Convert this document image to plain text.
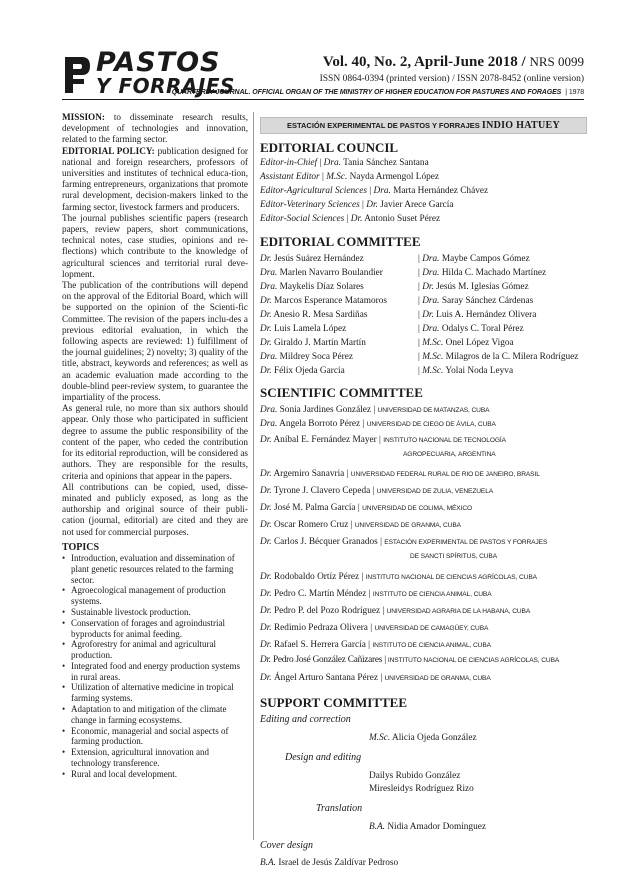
PASTOS
Y FORRAJES
Vol. 40, No. 2, April-June 2018 / NRS 0099
ISSN 0864-0394 (printed version) / ISSN 2078-8452 (online version)
QUARTERLY JOURNAL. OFFICIAL ORGAN OF THE MINISTRY OF HIGHER EDUCATION FOR PASTURES AND FORAGES | 1978

MISSION: to disseminate research results, development of technologies and innovation, related to the farming sector.

EDITORIAL POLICY: publication designed for national and foreign researchers, professors of universities and institutes of technical educa-tion, farming entrepreneurs, organizations that promote rural development, decision-makers linked to the farming sector, livestock farmers and producers.

The journal publishes scientific papers (research papers, review papers, short communications, technical notes, case studies, opinions and re-flections) which contribute to the knowledge of agricultural sciences and territorial rural deve-lopment.

The publication of the contributions will depend on the approval of the Editorial Board, which will be supported on the opinion of the Scienti-fic Committee. The revision of the papers inclu-des a previous editorial evaluation, in which the following aspects are reviewed: 1) fulfillment of the journal guidelines; 2) novelty; 3) quality of the title, abstract, keywords and references; as well as an academic evaluation made according to the double-blind peer-review system, to guarantee the impartiality of the process.

As general rule, no more than six authors should appear. Only those who participated in sufficient degree to assume the public responsibility of the content of the paper, who ceded the contribution for its editorial reproduction, will be considered as authors. They are responsible for the results, criteria and opinions that appear in the papers.

All contributions can be copied, used, disse-minated and publicly exposed, as long as the authorship and original source of their publi-cation (journal, editorial) are cited and they are not used for commercial purposes.

TOPICS
• Introduction, evaluation and dissemination of plant genetic resources related to the farming sector.
• Agroecological management of production systems.
• Sustainable livestock production.
• Conservation of forages and agroindustrial byproducts for animal feeding.
• Agroforestry for animal and agricultural production.
• Integrated food and energy production systems in rural areas.
• Utilization of alternative medicine in tropical farming systems.
• Adaptation to and mitigation of the climate change in farming ecosystems.
• Economic, managerial and social aspects of farming production.
• Extension, agricultural innovation and technology transference.
• Rural and local development.
ESTACIÓN EXPERIMENTAL DE PASTOS Y FORRAJES INDIO HATUEY
EDITORIAL COUNCIL
Editor-in-Chief | Dra. Tania Sánchez Santana
Assistant Editor | M.Sc. Nayda Armengol López
Editor-Agricultural Sciences | Dra. Marta Hernández Chávez
Editor-Veterinary Sciences | Dr. Javier Arece García
Editor-Social Sciences | Dr. Antonio Suset Pérez
EDITORIAL COMMITTEE
Dr. Jesús Suárez Hernández
Dra. Marlen Navarro Boulandier
Dra. Maykelis Díaz Solares
Dr. Marcos Esperance Matamoros
Dr. Anesio R. Mesa Sardiñas
Dr. Luis Lamela López
Dr. Giraldo J. Martín Martín
Dra. Mildrey Soca Pérez
Dr. Félix Ojeda García
| Dra. Maybe Campos Gómez
| Dra. Hilda C. Machado Martínez
| Dr. Jesús M. Iglesias Gómez
| Dra. Saray Sánchez Cárdenas
| Dr. Luis A. Hernández Olivera
| Dra. Odalys C. Toral Pérez
| M.Sc. Onel López Vigoa
| M.Sc. Milagros de la C. Milera Rodríguez
| M.Sc. Yolai Noda Leyva
SCIENTIFIC COMMITTEE
Dra. Sonia Jardines González | UNIVERSIDAD DE MATANZAS, CUBA
Dra. Angela Borroto Pérez | UNIVERSIDAD DE CIEGO DE ÁVILA, CUBA
Dr. Aníbal E. Fernández Mayer | INSTITUTO NACIONAL DE TECNOLOGÍA
AGROPECUARIA, ARGENTINA
Dr. Argemiro Sanavria | UNIVERSIDAD FEDERAL RURAL DE RIO DE JANEIRO, BRASIL
Dr. Tyrone J. Clavero Cepeda | UNIVERSIDAD DE ZULIA, VENEZUELA
Dr. José M. Palma García | UNIVERSIDAD DE COLIMA, MÉXICO
Dr. Oscar Romero Cruz | UNIVERSIDAD DE GRANMA, CUBA
Dr. Carlos J. Bécquer Granados | ESTACIÓN EXPERIMENTAL DE PASTOS Y FORRAJES
DE SANCTI SPÍRITUS, CUBA
Dr. Rodobaldo Ortíz Pérez | INSTITUTO NACIONAL DE CIENCIAS AGRÍCOLAS, CUBA
Dr. Pedro C. Martín Méndez | INSTITUTO DE CIENCIA ANIMAL, CUBA
Dr. Pedro P. del Pozo Rodríguez | UNIVERSIDAD AGRARIA DE LA HABANA, CUBA
Dr. Redimio Pedraza Olivera | UNIVERSIDAD DE CAMAGÜEY, CUBA
Dr. Rafael S. Herrera García | INSTITUTO DE CIENCIA ANIMAL, CUBA
Dr. Pedro José González Cañizares | INSTITUTO NACIONAL DE CIENCIAS AGRÍCOLAS, CUBA
Dr. Ángel Arturo Santana Pérez | UNIVERSIDAD DE GRANMA, CUBA
SUPPORT COMMITTEE
Editing and correction
M.Sc. Alicia Ojeda González
Design and editing
Dailys Rubido González
Miresleidys Rodríguez Rizo
Translation
B.A. Nidia Amador Domínguez
Cover design
B.A. Israel de Jesús Zaldívar Pedroso
